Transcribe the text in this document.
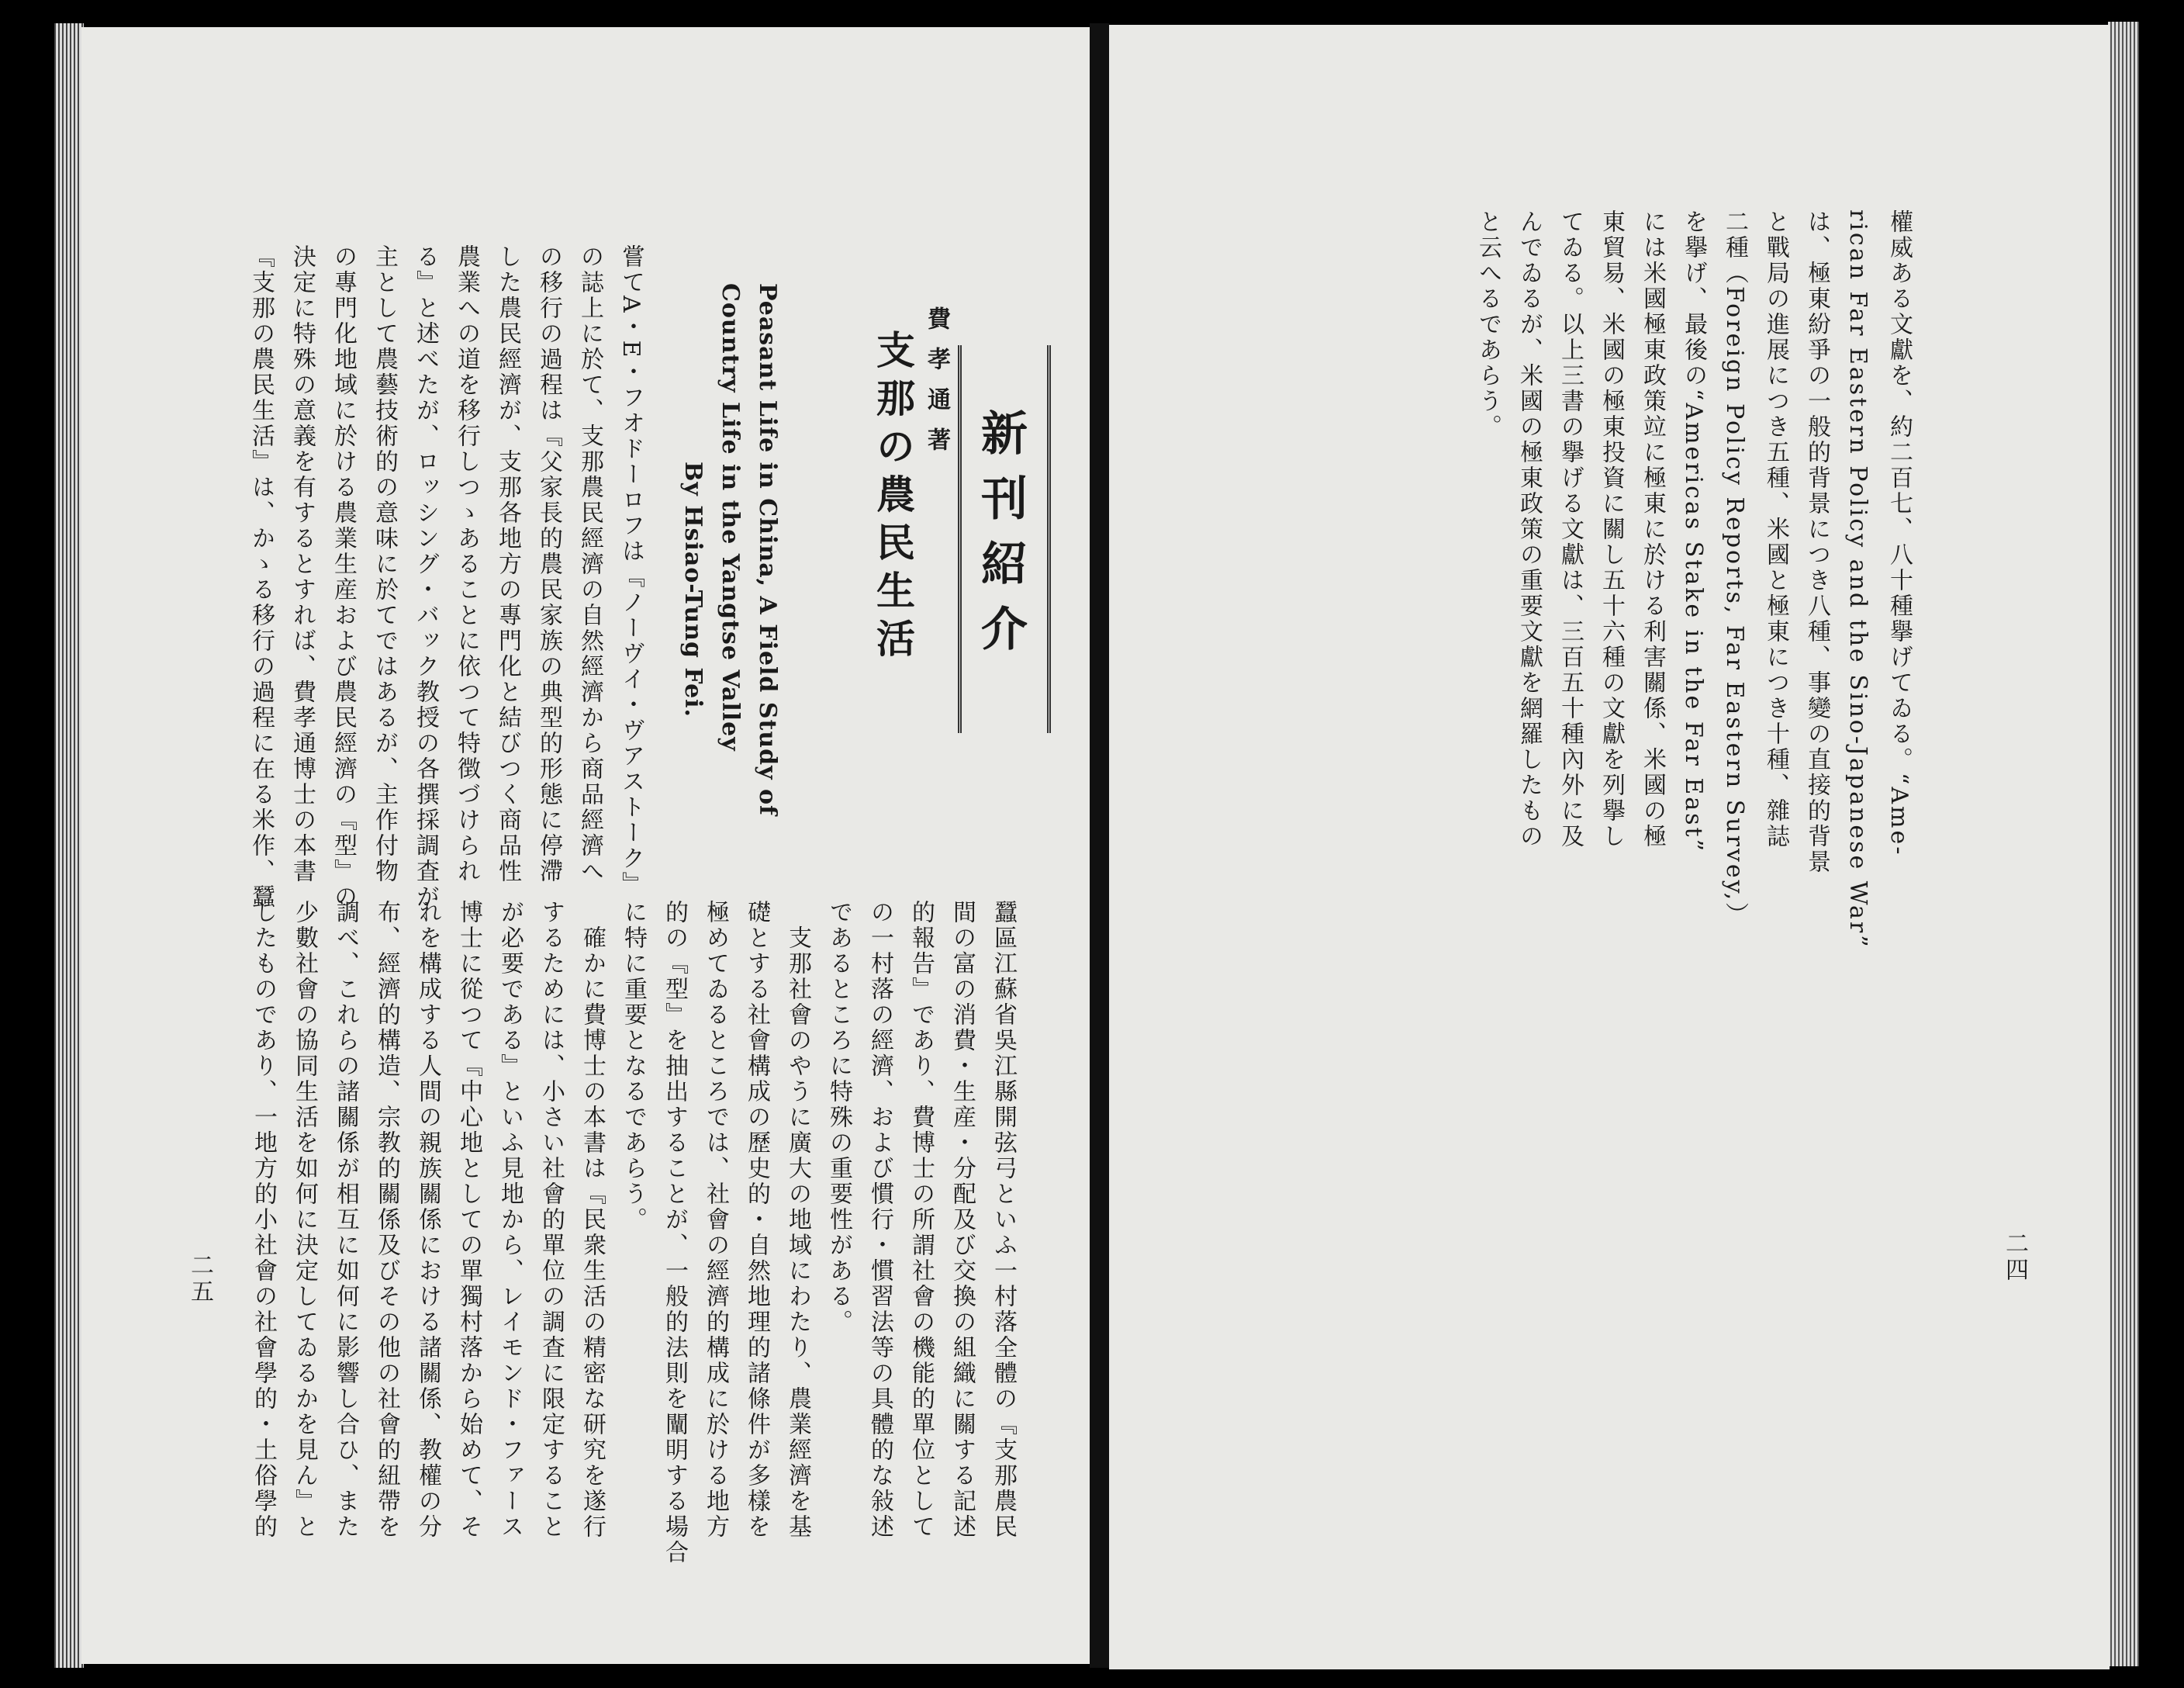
新刊紹介
費孝通著
支那の農民生活
Peasant Life in China, A Field Study of
Country Life in the Yangtse Valley
By Hsiao-Tung Fei.
嘗てA・E・フオドーロフは『ノーヴイ・ヴアストーク』
の誌上に於て、支那農民經濟の自然經濟から商品經濟へ
の移行の過程は『父家長的農民家族の典型的形態に停滯
した農民經濟が、支那各地方の專門化と結びつく商品性
農業への道を移行しつゝあることに依つて特徴づけられ
る』と述べたが、ロッシング・バック教授の各撰採調査が
主として農藝技術的の意味に於てではあるが、主作付物
の專門化地域に於ける農業生産および農民經濟の『型』の
決定に特殊の意義を有するとすれば、費孝通博士の本書
『支那の農民生活』は、かゝる移行の過程に在る米作、蠶
蠶區江蘇省吳江縣開弦弓といふ一村落全體の『支那農民
間の富の消費・生産・分配及び交換の組織に關する記述
的報告』であり、費博士の所謂社會の機能的單位として
の一村落の經濟、および慣行・慣習法等の具體的な敍述
であるところに特殊の重要性がある。
　支那社會のやうに廣大の地域にわたり、農業經濟を基
礎とする社會構成の歷史的・自然地理的諸條件が多樣を
極めてゐるところでは、社會の經濟的構成に於ける地方
的の『型』を抽出することが、一般的法則を闡明する場合
に特に重要となるであらう。
　確かに費博士の本書は『民衆生活の精密な研究を遂行
するためには、小さい社會的單位の調査に限定すること
が必要である』といふ見地から、レイモンド・ファース
博士に從つて『中心地としての單獨村落から始めて、そ
れを構成する人間の親族關係における諸關係、教權の分
布、經濟的構造、宗教的關係及びその他の社會的紐帶を
調べ、これらの諸關係が相互に如何に影響し合ひ、また
少數社會の協同生活を如何に決定してゐるかを見ん』と
したものであり、一地方的小社會の社會學的・土俗學的
二五
權威ある文獻を、約二百七、八十種擧げてゐる。“Ame-
rican Far Eastern Policy and the Sino-Japanese War”
は、極東紛爭の一般的背景につき八種、事變の直接的背景
と戰局の進展につき五種、米國と極東につき十種、雜誌
二種（Foreign Policy Reports, Far Eastern Survey,）
を擧げ、最後の“Americas Stake in the Far East”
には米國極東政策竝に極東に於ける利害關係、米國の極
東貿易、米國の極東投資に關し五十六種の文獻を列擧し
てゐる。以上三書の擧げる文獻は、三百五十種內外に及
んでゐるが、米國の極東政策の重要文獻を網羅したもの
と云へるであらう。
二四
